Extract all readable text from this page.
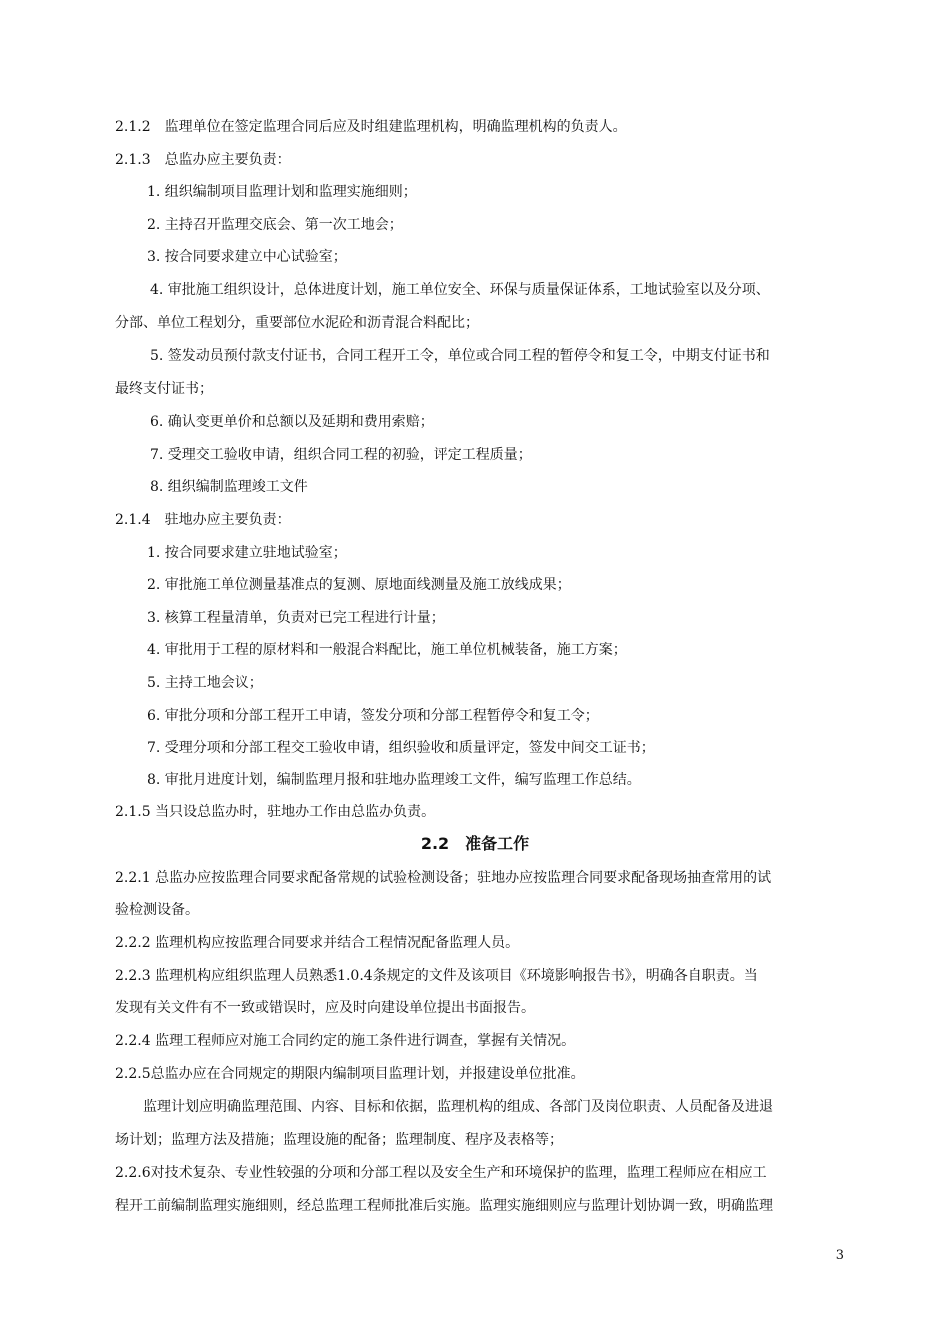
2.1.2　监理单位在签定监理合同后应及时组建监理机构，明确监理机构的负责人。
2.1.3　总监办应主要负责：
1. 组织编制项目监理计划和监理实施细则；
2. 主持召开监理交底会、第一次工地会；
3. 按合同要求建立中心试验室；
4. 审批施工组织设计，总体进度计划，施工单位安全、环保与质量保证体系，工地试验室以及分项、
分部、单位工程划分，重要部位水泥砼和沥青混合料配比；
5. 签发动员预付款支付证书，合同工程开工令，单位或合同工程的暂停令和复工令，中期支付证书和
最终支付证书；
6. 确认变更单价和总额以及延期和费用索赔；
7. 受理交工验收申请，组织合同工程的初验，评定工程质量；
8. 组织编制监理竣工文件
2.1.4　驻地办应主要负责：
1. 按合同要求建立驻地试验室；
2. 审批施工单位测量基准点的复测、原地面线测量及施工放线成果；
3. 核算工程量清单，负责对已完工程进行计量；
4. 审批用于工程的原材料和一般混合料配比，施工单位机械装备，施工方案；
5. 主持工地会议；
6. 审批分项和分部工程开工申请，签发分项和分部工程暂停令和复工令；
7. 受理分项和分部工程交工验收申请，组织验收和质量评定，签发中间交工证书；
8. 审批月进度计划，编制监理月报和驻地办监理竣工文件，编写监理工作总结。
2.1.5 当只设总监办时，驻地办工作由总监办负责。
2.2　准备工作
2.2.1 总监办应按监理合同要求配备常规的试验检测设备；驻地办应按监理合同要求配备现场抽查常用的试
验检测设备。
2.2.2 监理机构应按监理合同要求并结合工程情况配备监理人员。
2.2.3 监理机构应组织监理人员熟悉1.0.4条规定的文件及该项目《环境影响报告书》，明确各自职责。当
发现有关文件有不一致或错误时，应及时向建设单位提出书面报告。
2.2.4 监理工程师应对施工合同约定的施工条件进行调查，掌握有关情况。
2.2.5总监办应在合同规定的期限内编制项目监理计划，并报建设单位批准。
监理计划应明确监理范围、内容、目标和依据，监理机构的组成、各部门及岗位职责、人员配备及进退
场计划；监理方法及措施；监理设施的配备；监理制度、程序及表格等；
2.2.6对技术复杂、专业性较强的分项和分部工程以及安全生产和环境保护的监理，监理工程师应在相应工
程开工前编制监理实施细则，经总监理工程师批准后实施。监理实施细则应与监理计划协调一致，明确监理
3
